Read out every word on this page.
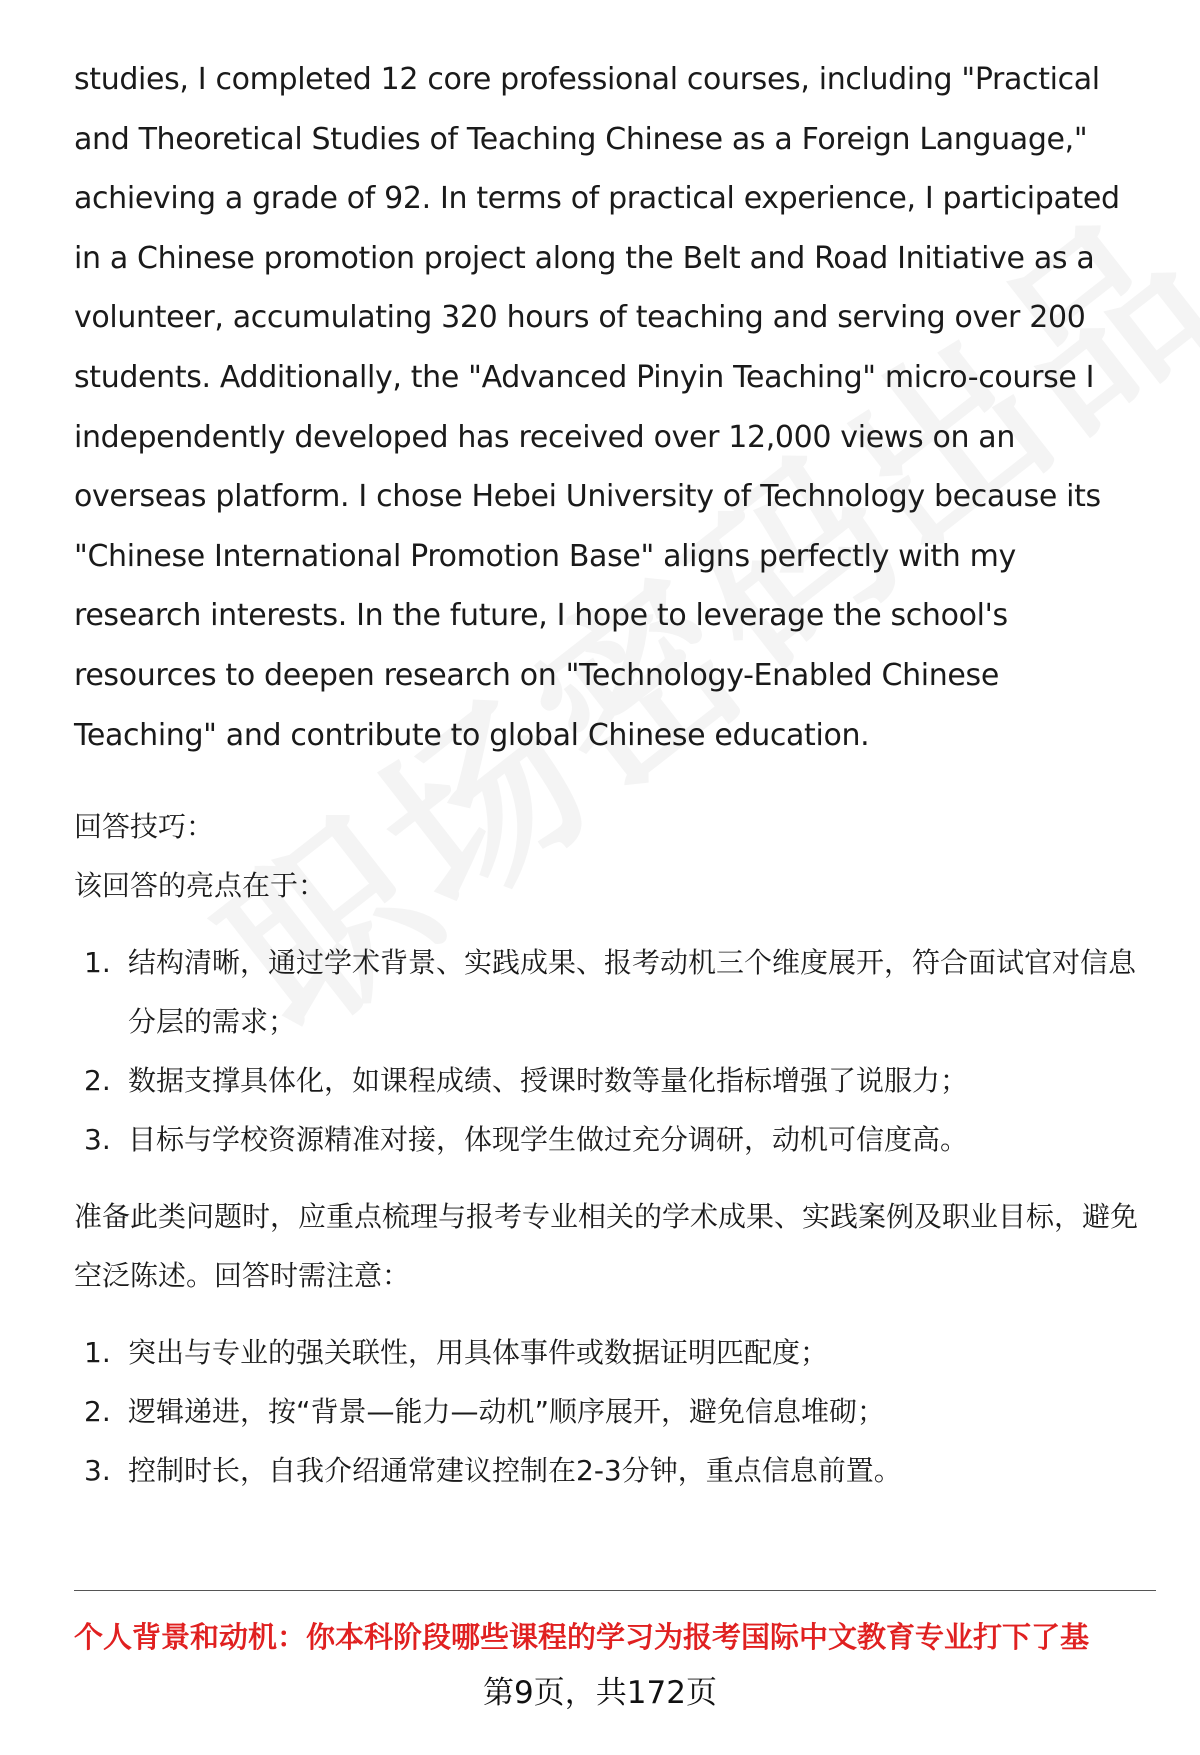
studies, I completed 12 core professional courses, including "Practical and Theoretical Studies of Teaching Chinese as a Foreign Language," achieving a grade of 92. In terms of practical experience, I participated in a Chinese promotion project along the Belt and Road Initiative as a volunteer, accumulating 320 hours of teaching and serving over 200 students. Additionally, the "Advanced Pinyin Teaching" micro-course I independently developed has received over 12,000 views on an overseas platform. I chose Hebei University of Technology because its "Chinese International Promotion Base" aligns perfectly with my research interests. In the future, I hope to leverage the school's resources to deepen research on "Technology-Enabled Chinese Teaching" and contribute to global Chinese education.

回答技巧：

该回答的亮点在于：

1. 结构清晰，通过学术背景、实践成果、报考动机三个维度展开，符合面试官对信息分层的需求；
2. 数据支撑具体化，如课程成绩、授课时数等量化指标增强了说服力；
3. 目标与学校资源精准对接，体现学生做过充分调研，动机可信度高。

准备此类问题时，应重点梳理与报考专业相关的学术成果、实践案例及职业目标，避免空泛陈述。回答时需注意：

1. 突出与专业的强关联性，用具体事件或数据证明匹配度；
2. 逻辑递进，按“背景—能力—动机”顺序展开，避免信息堆砌；
3. 控制时长，自我介绍通常建议控制在2-3分钟，重点信息前置。
个人背景和动机：你本科阶段哪些课程的学习为报考国际中文教育专业打下了基
第9页，共172页
